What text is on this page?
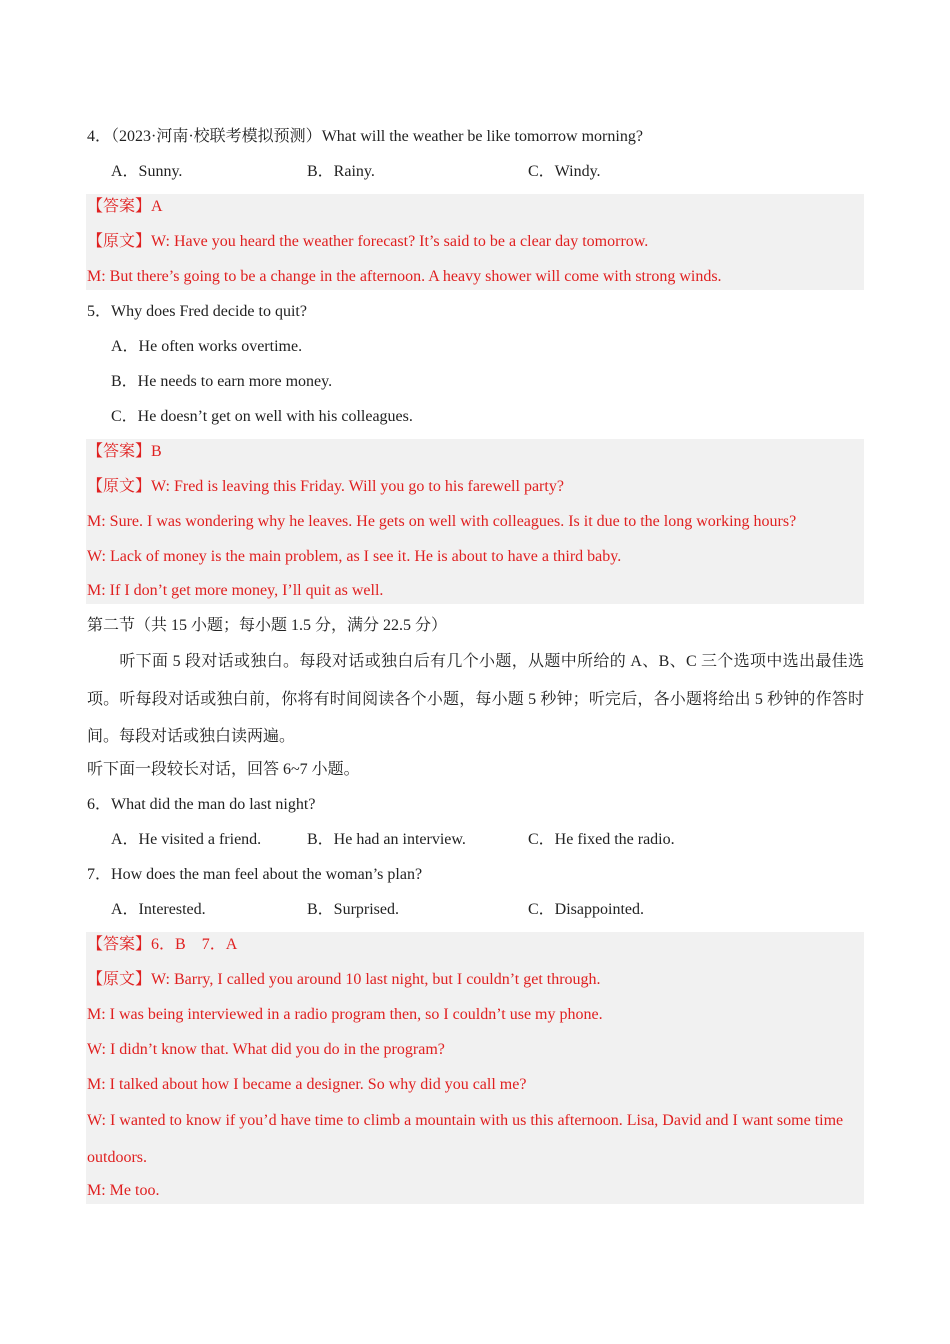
4．（2023·河南·校联考模拟预测）What will the weather be like tomorrow morning?
A．Sunny.	B．Rainy.	C．Windy.
【答案】A
【原文】W: Have you heard the weather forecast? It’s said to be a clear day tomorrow.
M: But there’s going to be a change in the afternoon. A heavy shower will come with strong winds.
5．Why does Fred decide to quit?
A．He often works overtime.
B．He needs to earn more money.
C．He doesn’t get on well with his colleagues.
【答案】B
【原文】W: Fred is leaving this Friday. Will you go to his farewell party?
M: Sure. I was wondering why he leaves. He gets on well with colleagues. Is it due to the long working hours?
W: Lack of money is the main problem, as I see it. He is about to have a third baby.
M: If I don’t get more money, I’ll quit as well.
第二节（共 15 小题；每小题 1.5 分，满分 22.5 分）
听下面 5 段对话或独白。每段对话或独白后有几个小题，从题中所给的 A、B、C 三个选项中选出最佳选项。听每段对话或独白前，你将有时间阅读各个小题，每小题 5 秒钟；听完后，各小题将给出 5 秒钟的作答时间。每段对话或独白读两遍。
听下面一段较长对话，回答 6~7 小题。
6．What did the man do last night?
A．He visited a friend.	B．He had an interview.	C．He fixed the radio.
7．How does the man feel about the woman’s plan?
A．Interested.	B．Surprised.	C．Disappointed.
【答案】6．B　7．A
【原文】W: Barry, I called you around 10 last night, but I couldn’t get through.
M: I was being interviewed in a radio program then, so I couldn’t use my phone.
W: I didn’t know that. What did you do in the program?
M: I talked about how I became a designer. So why did you call me?
W: I wanted to know if you’d have time to climb a mountain with us this afternoon. Lisa, David and I want some time outdoors.
M: Me too.
